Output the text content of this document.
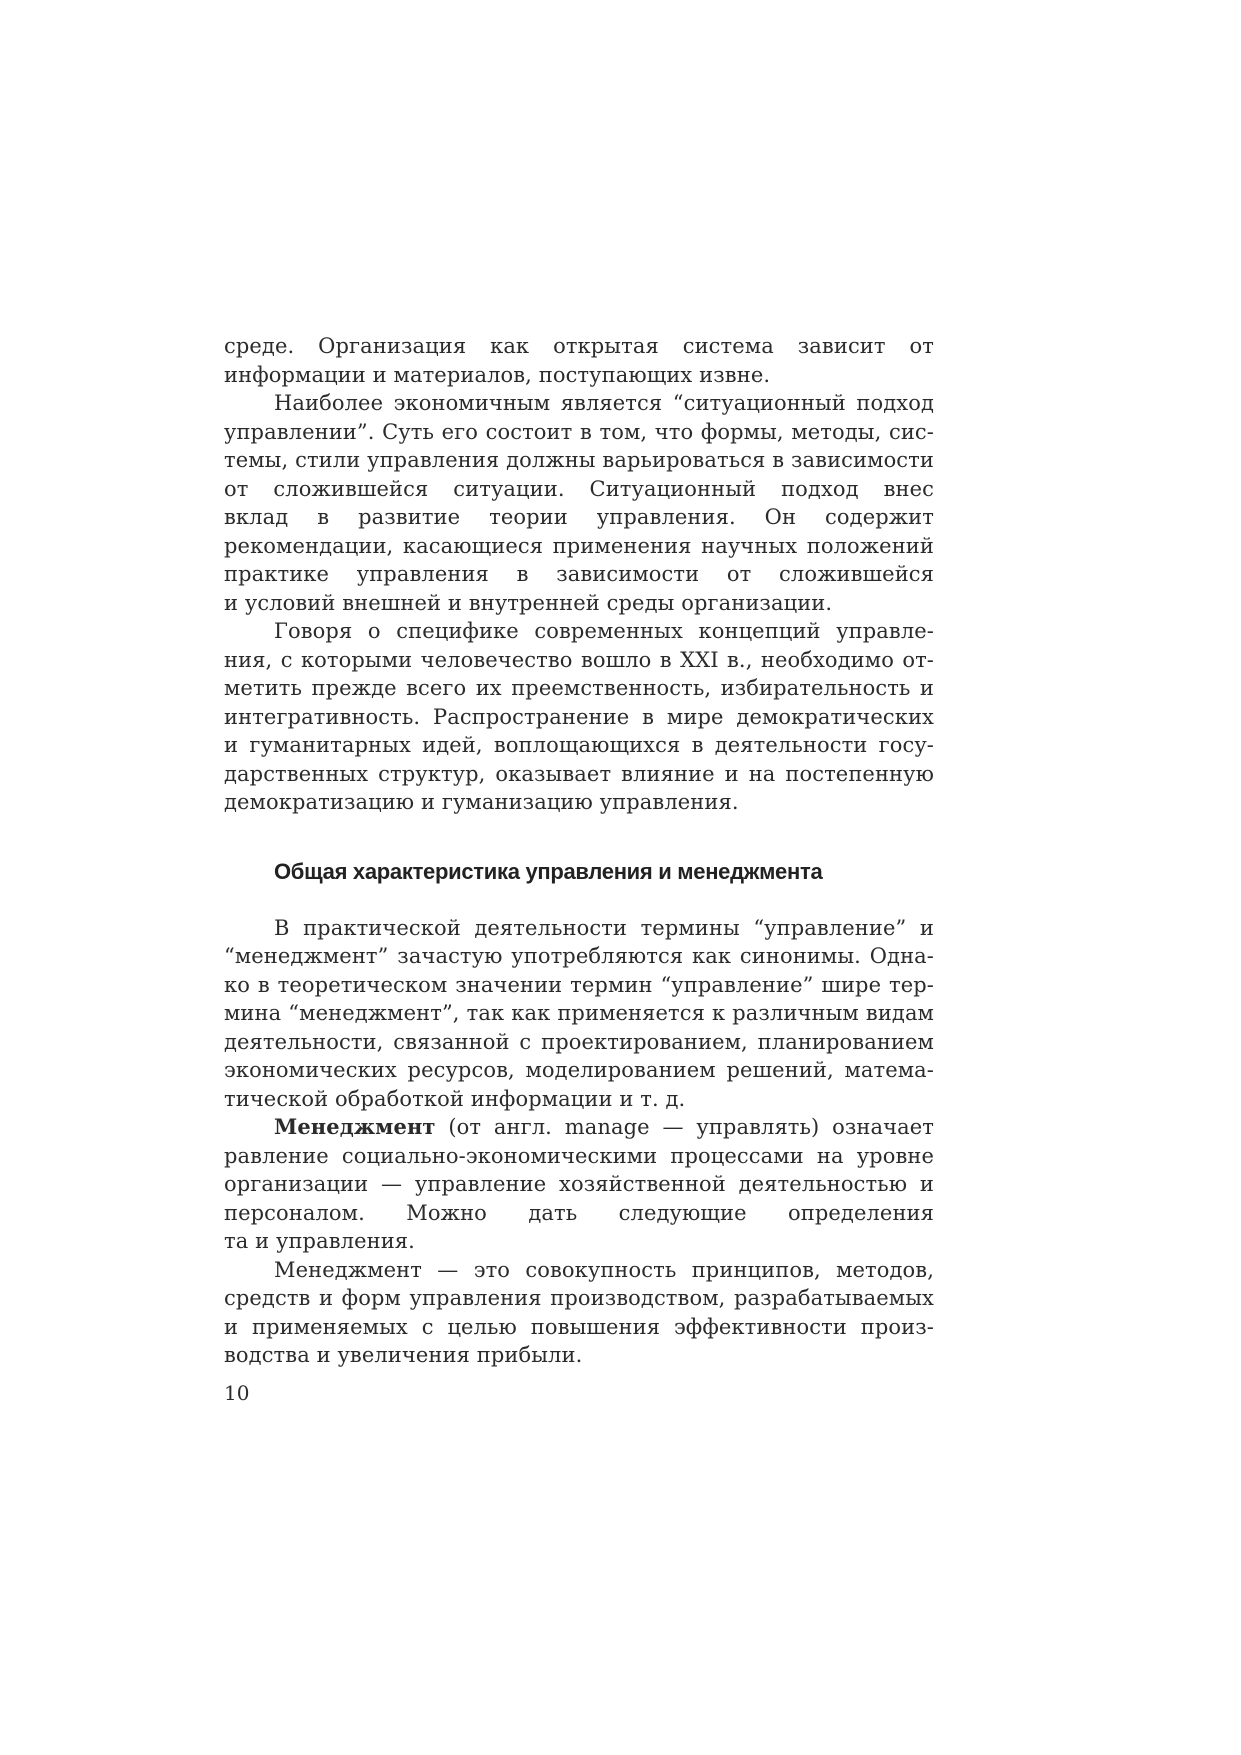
среде. Организация как открытая система зависит от
информации и материалов, поступающих извне.
Наиболее экономичным является “ситуационный подход
управлении”. Суть его состоит в том, что формы, методы, сис-
темы, стили управления должны варьироваться в зависимости
от сложившейся ситуации. Ситуационный подход внес
вклад в развитие теории управления. Он содержит
рекомендации, касающиеся применения научных положений
практике управления в зависимости от сложившейся
и условий внешней и внутренней среды организации.
Говоря о специфике современных концепций управле-
ния, с которыми человечество вошло в XXI в., необходимо от-
метить прежде всего их преемственность, избирательность и
интегративность. Распространение в мире демократических
и гуманитарных идей, воплощающихся в деятельности госу-
дарственных структур, оказывает влияние и на постепенную
демократизацию и гуманизацию управления.
Общая характеристика управления и менеджмента
В практической деятельности термины “управление” и
“менеджмент” зачастую употребляются как синонимы. Одна-
ко в теоретическом значении термин “управление” шире тер-
мина “менеджмент”, так как применяется к различным видам
деятельности, связанной с проектированием, планированием
экономических ресурсов, моделированием решений, матема-
тической обработкой информации и т. д.
Менеджмент (от англ. manage — управлять) означает
равление социально-экономическими процессами на уровне
организации — управление хозяйственной деятельностью и
персоналом. Можно дать следующие определения
та и управления.
Менеджмент — это совокупность принципов, методов,
средств и форм управления производством, разрабатываемых
и применяемых с целью повышения эффективности произ-
водства и увеличения прибыли.
10
